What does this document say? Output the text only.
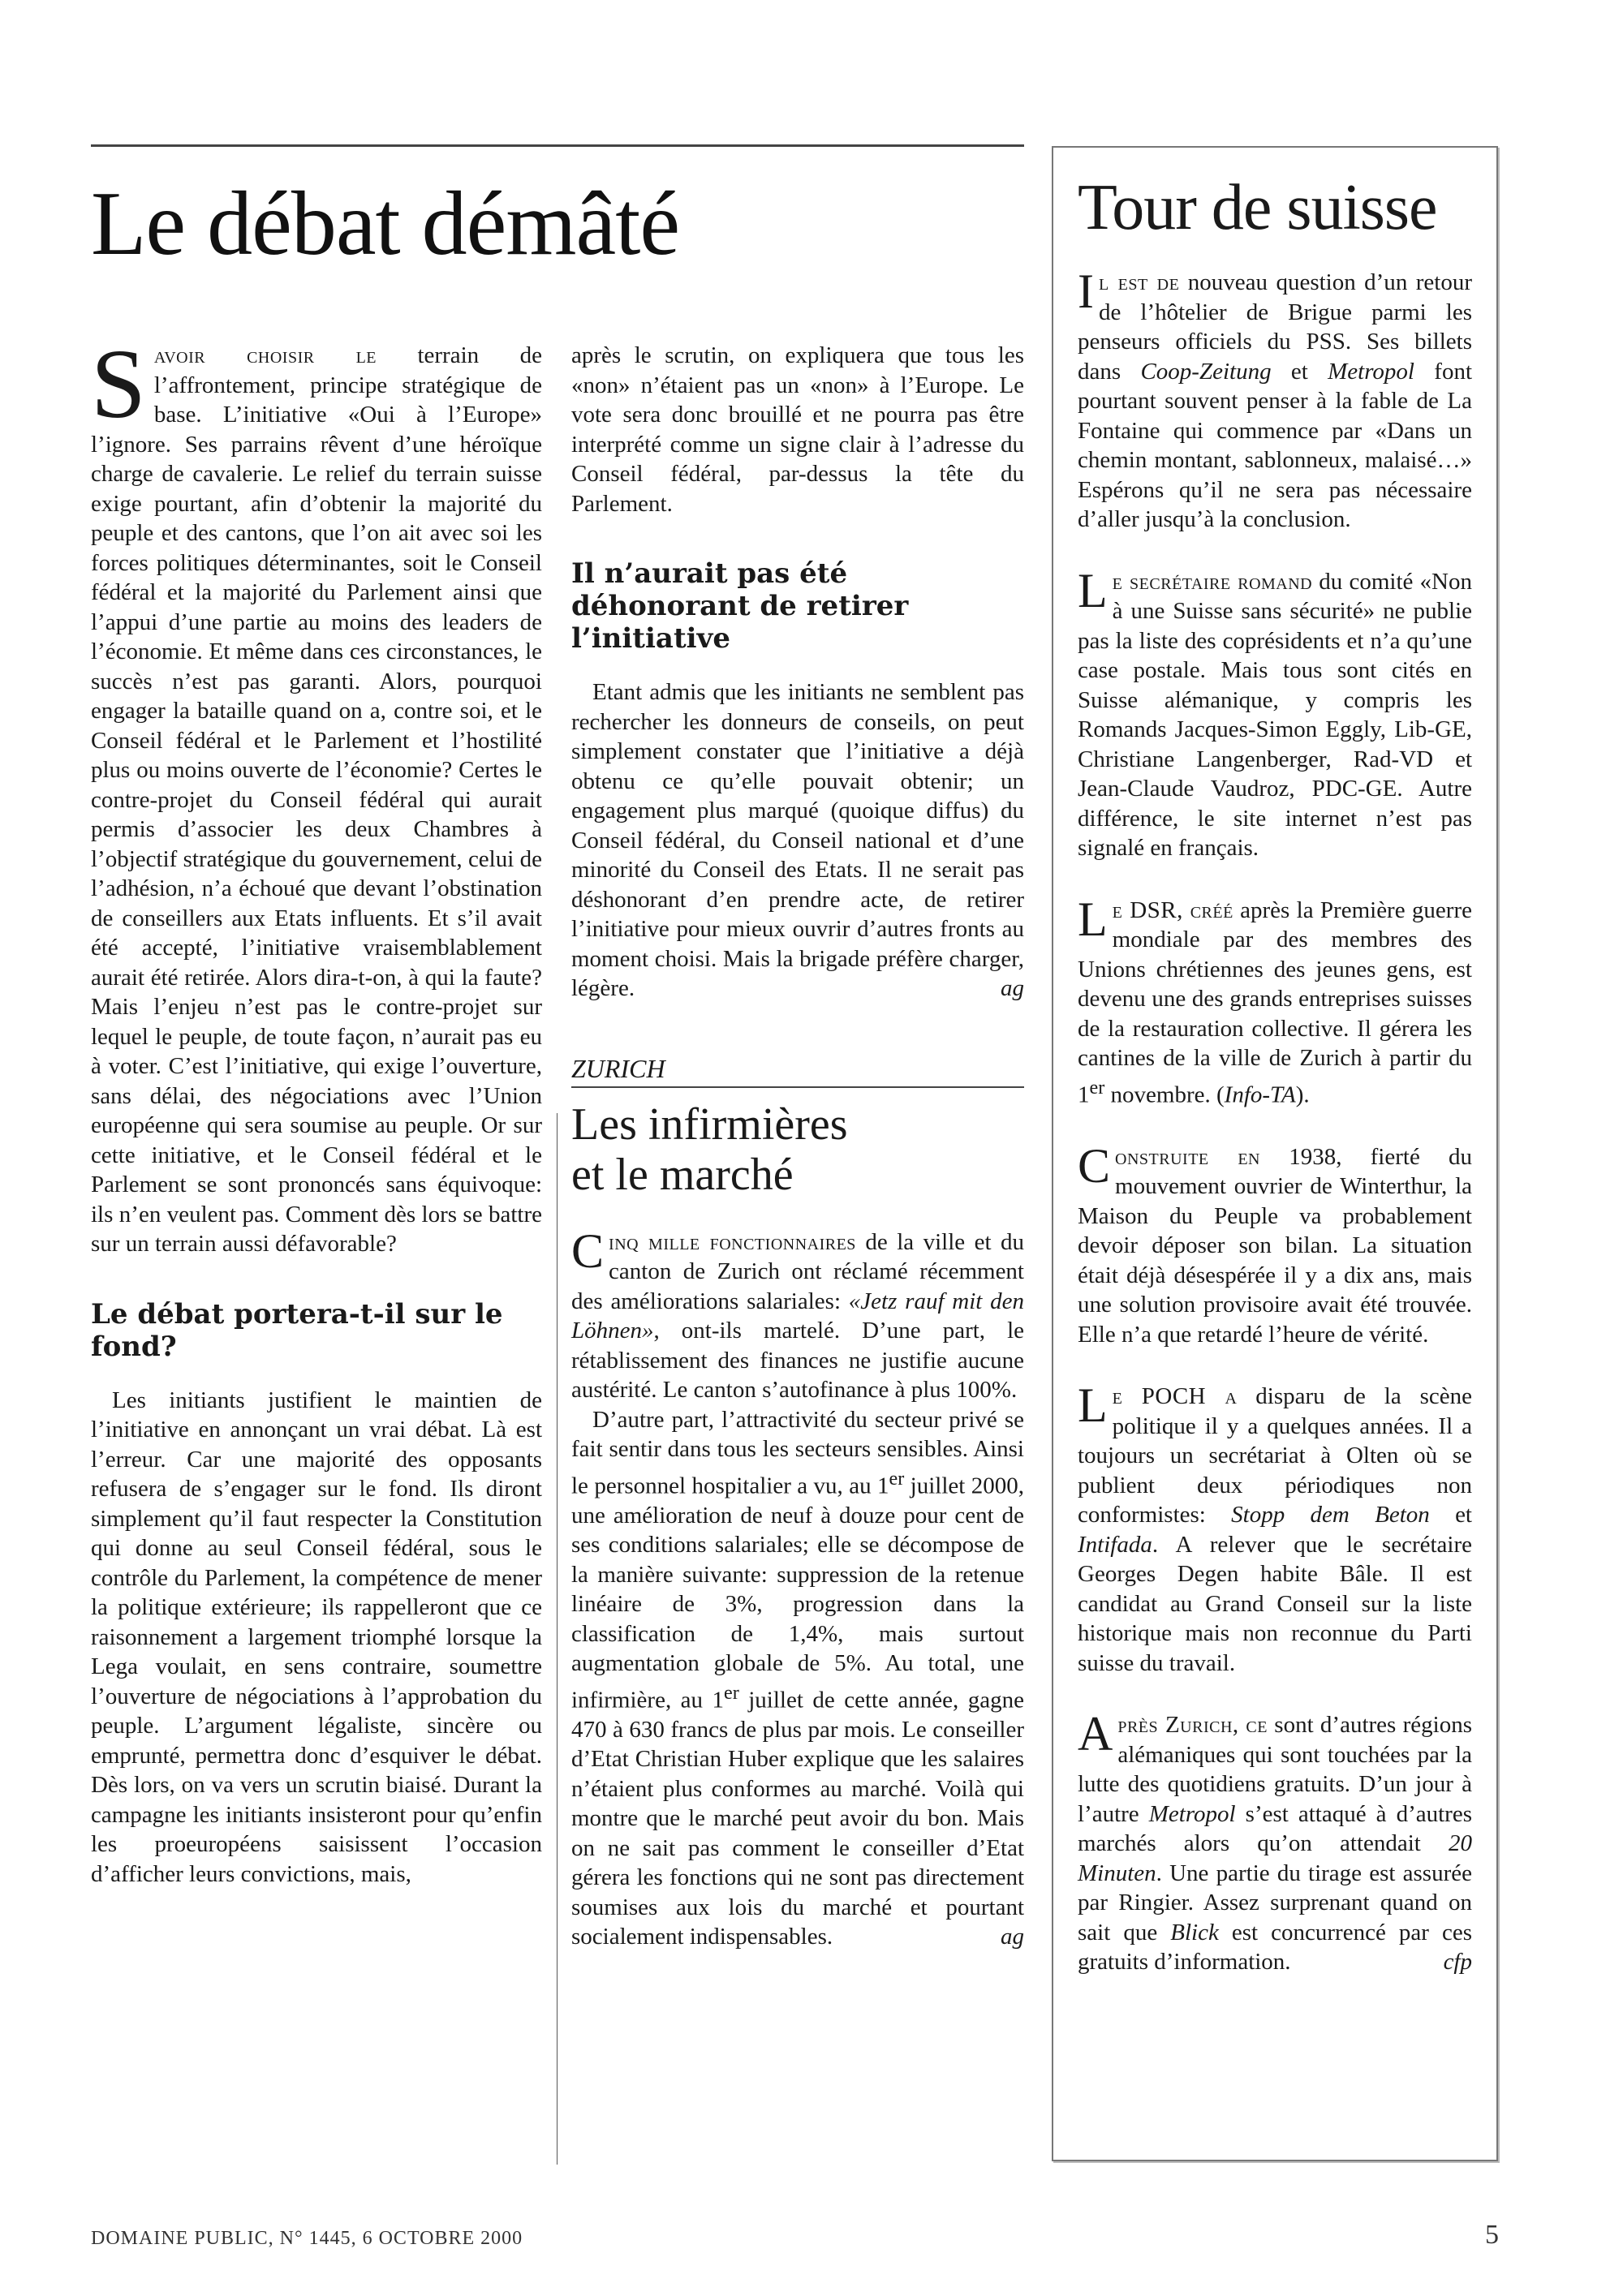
Le débat démâté

Savoir choisir le terrain de l’affrontement, principe stratégique de base. L’initiative «Oui à l’Europe» l’ignore. Ses parrains rêvent d’une héroïque charge de cavalerie. Le relief du terrain suisse exige pourtant, afin d’obtenir la majorité du peuple et des cantons, que l’on ait avec soi les forces politiques déterminantes, soit le Conseil fédéral et la majorité du Parlement ainsi que l’appui d’une partie au moins des leaders de l’économie. Et même dans ces circonstances, le succès n’est pas garanti. Alors, pourquoi engager la bataille quand on a, contre soi, et le Conseil fédéral et le Parlement et l’hostilité plus ou moins ouverte de l’économie? Certes le contre-projet du Conseil fédéral qui aurait permis d’associer les deux Chambres à l’objectif stratégique du gouvernement, celui de l’adhésion, n’a échoué que devant l’obstination de conseillers aux Etats influents. Et s’il avait été accepté, l’initiative vraisemblablement aurait été retirée. Alors dira-t-on, à qui la faute? Mais l’enjeu n’est pas le contre-projet sur lequel le peuple, de toute façon, n’aurait pas eu à voter. C’est l’initiative, qui exige l’ouverture, sans délai, des négociations avec l’Union européenne qui sera soumise au peuple. Or sur cette initiative, et le Conseil fédéral et le Parlement se sont prononcés sans équivoque: ils n’en veulent pas. Comment dès lors se battre sur un terrain aussi défavorable?

Le débat portera-t-il sur le fond?

Les initiants justifient le maintien de l’initiative en annonçant un vrai débat. Là est l’erreur. Car une majorité des opposants refusera de s’engager sur le fond. Ils diront simplement qu’il faut respecter la Constitution qui donne au seul Conseil fédéral, sous le contrôle du Parlement, la compétence de mener la politique extérieure; ils rappelleront que ce raisonnement a largement triomphé lorsque la Lega voulait, en sens contraire, soumettre l’ouverture de négociations à l’approbation du peuple. L’argument légaliste, sincère ou emprunté, permettra donc d’esquiver le débat. Dès lors, on va vers un scrutin biaisé. Durant la campagne les initiants insisteront pour qu’enfin les proeuropéens saisissent l’occasion d’afficher leurs convictions, mais,

après le scrutin, on expliquera que tous les «non» n’étaient pas un «non» à l’Europe. Le vote sera donc brouillé et ne pourra pas être interprété comme un signe clair à l’adresse du Conseil fédéral, par-dessus la tête du Parlement.

Il n’aurait pas été déhonorant de retirer l’initiative

Etant admis que les initiants ne semblent pas rechercher les donneurs de conseils, on peut simplement constater que l’initiative a déjà obtenu ce qu’elle pouvait obtenir; un engagement plus marqué (quoique diffus) du Conseil fédéral, du Conseil national et d’une minorité du Conseil des Etats. Il ne serait pas déshonorant d’en prendre acte, de retirer l’initiative pour mieux ouvrir d’autres fronts au moment choisi. Mais la brigade préfère charger, légère.	ag

ZURICH
Les infirmières
et le marché

Cinq mille fonctionnaires de la ville et du canton de Zurich ont réclamé récemment des améliorations salariales: «Jetz rauf mit den Löhnen», ont-ils martelé. D’une part, le rétablissement des finances ne justifie aucune austérité. Le canton s’autofinance à plus 100%.

D’autre part, l’attractivité du secteur privé se fait sentir dans tous les secteurs sensibles. Ainsi le personnel hospitalier a vu, au 1er juillet 2000, une amélioration de neuf à douze pour cent de ses conditions salariales; elle se décompose de la manière suivante: suppression de la retenue linéaire de 3%, progression dans la classification de 1,4%, mais surtout augmentation globale de 5%. Au total, une infirmière, au 1er juillet de cette année, gagne 470 à 630 francs de plus par mois. Le conseiller d’Etat Christian Huber explique que les salaires n’étaient plus conformes au marché. Voilà qui montre que le marché peut avoir du bon. Mais on ne sait pas comment le conseiller d’Etat gérera les fonctions qui ne sont pas directement soumises aux lois du marché et pourtant socialement indispensables.	ag

Tour de suisse

Il est de nouveau question d’un retour de l’hôtelier de Brigue parmi les penseurs officiels du PSS. Ses billets dans Coop-Zeitung et Metropol font pourtant souvent penser à la fable de La Fontaine qui commence par «Dans un chemin montant, sablonneux, malaisé…» Espérons qu’il ne sera pas nécessaire d’aller jusqu’à la conclusion.

Le secrétaire romand du comité «Non à une Suisse sans sécurité» ne publie pas la liste des coprésidents et n’a qu’une case postale. Mais tous sont cités en Suisse alémanique, y compris les Romands Jacques-Simon Eggly, Lib-GE, Christiane Langenberger, Rad-VD et Jean-Claude Vaudroz, PDC-GE. Autre différence, le site internet n’est pas signalé en français.

Le DSR, créé après la Première guerre mondiale par des membres des Unions chrétiennes des jeunes gens, est devenu une des grands entreprises suisses de la restauration collective. Il gérera les cantines de la ville de Zurich à partir du 1er novembre. (Info-TA).

Construite en 1938, fierté du mouvement ouvrier de Winterthur, la Maison du Peuple va probablement devoir déposer son bilan. La situation était déjà désespérée il y a dix ans, mais une solution provisoire avait été trouvée. Elle n’a que retardé l’heure de vérité.

Le POCH a disparu de la scène politique il y a quelques années. Il a toujours un secrétariat à Olten où se publient deux périodiques non conformistes: Stopp dem Beton et Intifada. A relever que le secrétaire Georges Degen habite Bâle. Il est candidat au Grand Conseil sur la liste historique mais non reconnue du Parti suisse du travail.

Après Zurich, ce sont d’autres régions alémaniques qui sont touchées par la lutte des quotidiens gratuits. D’un jour à l’autre Metropol s’est attaqué à d’autres marchés alors qu’on attendait 20 Minuten. Une partie du tirage est assurée par Ringier. Assez surprenant quand on sait que Blick est concurrencé par ces gratuits d’information.	cfp

DOMAINE PUBLIC, N° 1445, 6 OCTOBRE 2000	5
